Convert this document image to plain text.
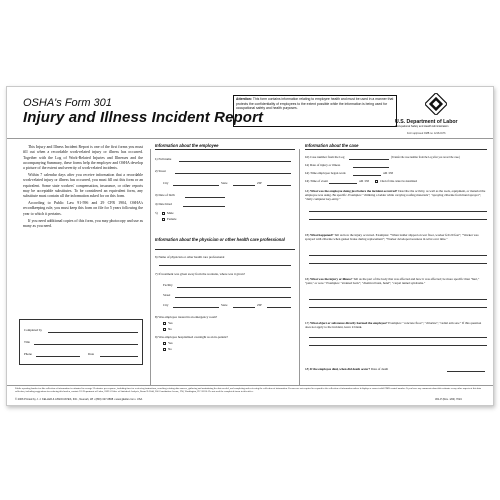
OSHA's Form 301
Injury and Illness Incident Report
Attention: This form contains information relating to employee health and must be used in a manner that protects the confidentiality of employees to the extent possible while the information is being used for occupational safety and health purposes.
U.S. Department of Labor
Occupational Safety and Health Administration
Form approved OMB no. 1218-0176

This Injury and Illness Incident Report is one of the first forms you must fill out when a recordable work-related injury or illness has occurred. Together with the Log of Work-Related Injuries and Illnesses and the accompanying Summary, these forms help the employer and OSHA develop a picture of the extent and severity of work-related incidents.

Within 7 calendar days after you receive information that a recordable work-related injury or illness has occurred, you must fill out this form or an equivalent. Some state workers' compensation, insurance, or other reports may be acceptable substitutes. To be considered an equivalent form, any substitute must contain all the information asked for on this form.

According to Public Law 91-596 and 29 CFR 1904, OSHA's recordkeeping rule, you must keep this form on file for 5 years following the year to which it pertains.

If you need additional copies of this form, you may photocopy and use as many as you need.

Completed by
Title
Phone	Date
Information about the employee
1) Full name
2) Street
City	State	ZIP
3) Date of birth
4) Date hired
5)	Male
Female
Information about the physician or other health care professional
6) Name of physician or other health care professional
7) If treatment was given away from the worksite, where was it given?
Facility
Street
City	State	ZIP
8) Was employee treated in an emergency room?
Yes
No
9) Was employee hospitalized overnight as an in-patient?
Yes
No
Information about the case
10) Case number from the Log	(Transfer the case number from the Log after you record the case.)
11) Date of injury or illness
12) Time employee began work	AM / PM
13) Time of event	AM / PM	Check if time cannot be determined
14) What was the employee doing just before the incident occurred? Describe the activity, as well as the tools, equipment, or material the employee was using. Be specific. Examples: "climbing a ladder while carrying roofing materials"; "spraying chlorine from hand sprayer"; "daily computer key-entry."
15) What happened? Tell us how the injury occurred. Examples: "When ladder slipped on wet floor, worker fell 20 feet"; "Worker was sprayed with chlorine when gasket broke during replacement"; "Worker developed soreness in wrist over time."
16) What was the injury or illness? Tell us the part of the body that was affected and how it was affected; be more specific than "hurt," "pain," or sore." Examples: "strained back"; "chemical burn, hand"; "carpal tunnel syndrome."
17) What object or substance directly harmed the employee? Examples: "concrete floor"; "chlorine"; "radial arm saw." If this question does not apply to the incident, leave it blank.
18) If the employee died, when did death occur? Date of death
Public reporting burden for this collection of information is estimated to average 22 minutes per response, including time for reviewing instructions, searching existing data sources, gathering and maintaining the data needed, and completing and reviewing the collection of information. Persons are not required to respond to the collection of information unless it displays a current valid OMB control number. If you have any comments about this estimate or any other aspects of this data collection, including suggestions for reducing this burden, contact: US Department of Labor, OSHA Office of Statistical Analysis, Room N-3644, 200 Constitution Avenue, NW, Washington, DC 20210. Do not send the completed forms to this office.
© 2006 Printed by J. J. KELLER & ASSOCIATES, INC., Neenah, WI • (800) 327-6868 • www.jjkeller.com • USA	301-P (Rev. 1/04) 7024
